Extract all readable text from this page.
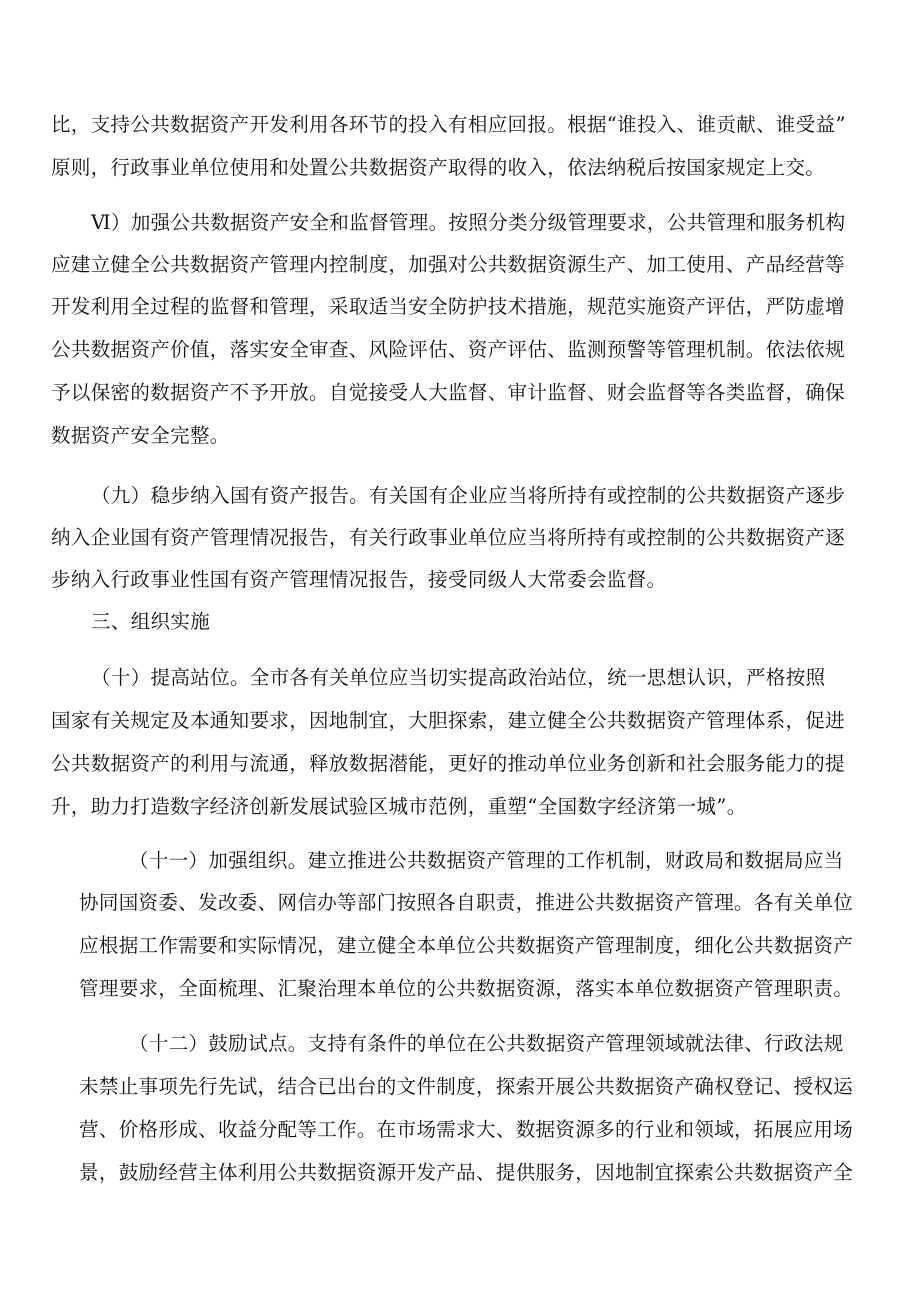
比，支持公共数据资产开发利用各环节的投入有相应回报。根据“谁投入、谁贡献、谁受益”
原则，行政事业单位使用和处置公共数据资产取得的收入，依法纳税后按国家规定上交。
Ⅵ）加强公共数据资产安全和监督管理。按照分类分级管理要求，公共管理和服务机构
应建立健全公共数据资产管理内控制度，加强对公共数据资源生产、加工使用、产品经营等
开发利用全过程的监督和管理，采取适当安全防护技术措施，规范实施资产评估，严防虚增
公共数据资产价值，落实安全审查、风险评估、资产评估、监测预警等管理机制。依法依规
予以保密的数据资产不予开放。自觉接受人大监督、审计监督、财会监督等各类监督，确保
数据资产安全完整。
（九）稳步纳入国有资产报告。有关国有企业应当将所持有或控制的公共数据资产逐步
纳入企业国有资产管理情况报告，有关行政事业单位应当将所持有或控制的公共数据资产逐
步纳入行政事业性国有资产管理情况报告，接受同级人大常委会监督。
三、组织实施
（十）提高站位。全市各有关单位应当切实提高政治站位，统一思想认识，严格按照
国家有关规定及本通知要求，因地制宜，大胆探索，建立健全公共数据资产管理体系，促进
公共数据资产的利用与流通，释放数据潜能，更好的推动单位业务创新和社会服务能力的提
升，助力打造数字经济创新发展试验区城市范例，重塑“全国数字经济第一城”。
（十一）加强组织。建立推进公共数据资产管理的工作机制，财政局和数据局应当
协同国资委、发改委、网信办等部门按照各自职责，推进公共数据资产管理。各有关单位
应根据工作需要和实际情况，建立健全本单位公共数据资产管理制度，细化公共数据资产
管理要求，全面梳理、汇聚治理本单位的公共数据资源，落实本单位数据资产管理职责。
（十二）鼓励试点。支持有条件的单位在公共数据资产管理领域就法律、行政法规
未禁止事项先行先试，结合已出台的文件制度，探索开展公共数据资产确权登记、授权运
营、价格形成、收益分配等工作。在市场需求大、数据资源多的行业和领域，拓展应用场
景，鼓励经营主体利用公共数据资源开发产品、提供服务，因地制宜探索公共数据资产全
